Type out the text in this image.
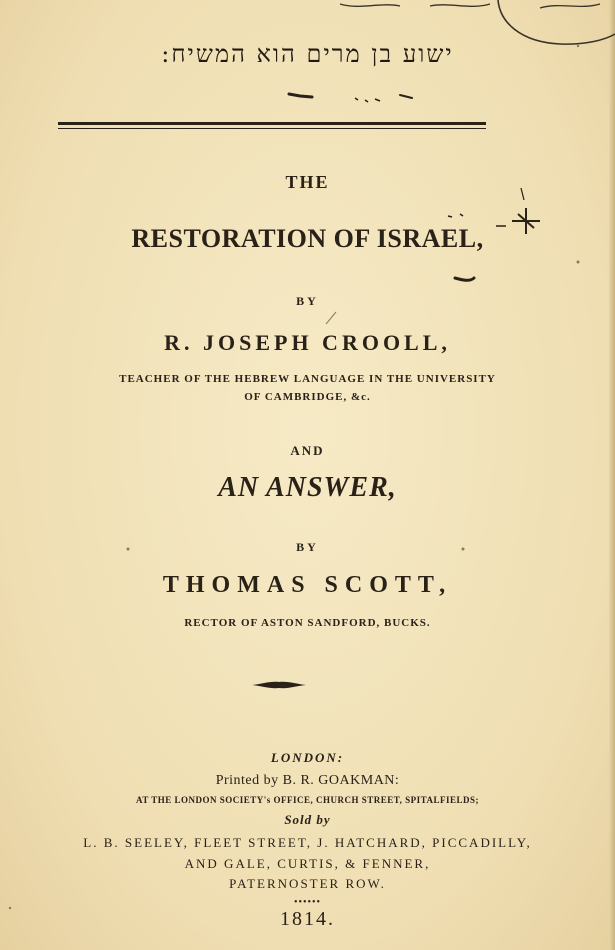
ישוע בן מרים הוא המשיח:
THE
RESTORATION OF ISRAEL,
BY
R. JOSEPH CROOLL,
TEACHER OF THE HEBREW LANGUAGE IN THE UNIVERSITY
OF CAMBRIDGE, &c.
AND
AN ANSWER,
BY
THOMAS SCOTT,
RECTOR OF ASTON SANDFORD, BUCKS.
LONDON:
Printed by B. R. GOAKMAN:
AT THE LONDON SOCIETY's OFFICE, CHURCH STREET, SPITALFIELDS;
Sold by
L. B. SEELEY, FLEET STREET, J. HATCHARD, PICCADILLY,
AND GALE, CURTIS, & FENNER,
PATERNOSTER ROW.
••••••
1814.
